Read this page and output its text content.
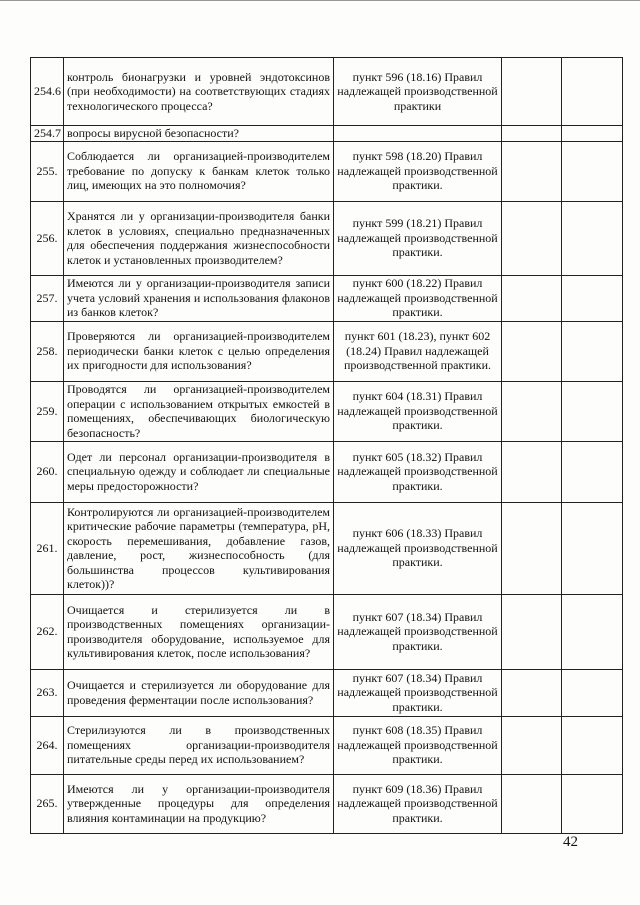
254.6	контроль бионагрузки и уровней эндотоксинов (при необходимости) на соответствующих стадиях технологического процесса?	пункт 596 (18.16) Правил надлежащей производственной практики		
254.7	вопросы вирусной безопасности?			
255.	Соблюдается ли организацией-производителем требование по допуску к банкам клеток только лиц, имеющих на это полномочия?	пункт 598 (18.20) Правил надлежащей производственной практики.		
256.	Хранятся ли у организации-производителя банки клеток в условиях, специально предназначенных для обеспечения поддержания жизнеспособности клеток и установленных производителем?	пункт 599 (18.21) Правил надлежащей производственной практики.		
257.	Имеются ли у организации-производителя записи учета условий хранения и использования флаконов из банков клеток?	пункт 600 (18.22) Правил надлежащей производственной практики.		
258.	Проверяются ли организацией-производителем периодически банки клеток с целью определения их пригодности для использования?	пункт 601 (18.23), пункт 602 (18.24) Правил надлежащей производственной практики.		
259.	Проводятся ли организацией-производителем операции с использованием открытых емкостей в помещениях, обеспечивающих биологическую безопасность?	пункт 604 (18.31) Правил надлежащей производственной практики.		
260.	Одет ли персонал организации-производителя в специальную одежду и соблюдает ли специальные меры предосторожности?	пункт 605 (18.32) Правил надлежащей производственной практики.		
261.	Контролируются ли организацией-производителем критические рабочие параметры (температура, pH, скорость перемешивания, добавление газов, давление, рост, жизнеспособность (для большинства процессов культивирования клеток))?	пункт 606 (18.33) Правил надлежащей производственной практики.		
262.	Очищается и стерилизуется ли в производственных помещениях организации-производителя оборудование, используемое для культивирования клеток, после использования?	пункт 607 (18.34) Правил надлежащей производственной практики.		
263.	Очищается и стерилизуется ли оборудование для проведения ферментации после использования?	пункт 607 (18.34) Правил надлежащей производственной практики.		
264.	Стерилизуются ли в производственных помещениях организации-производителя питательные среды перед их использованием?	пункт 608 (18.35) Правил надлежащей производственной практики.		
265.	Имеются ли у организации-производителя утвержденные процедуры для определения влияния контаминации на продукцию?	пункт 609 (18.36) Правил надлежащей производственной практики.		
42
